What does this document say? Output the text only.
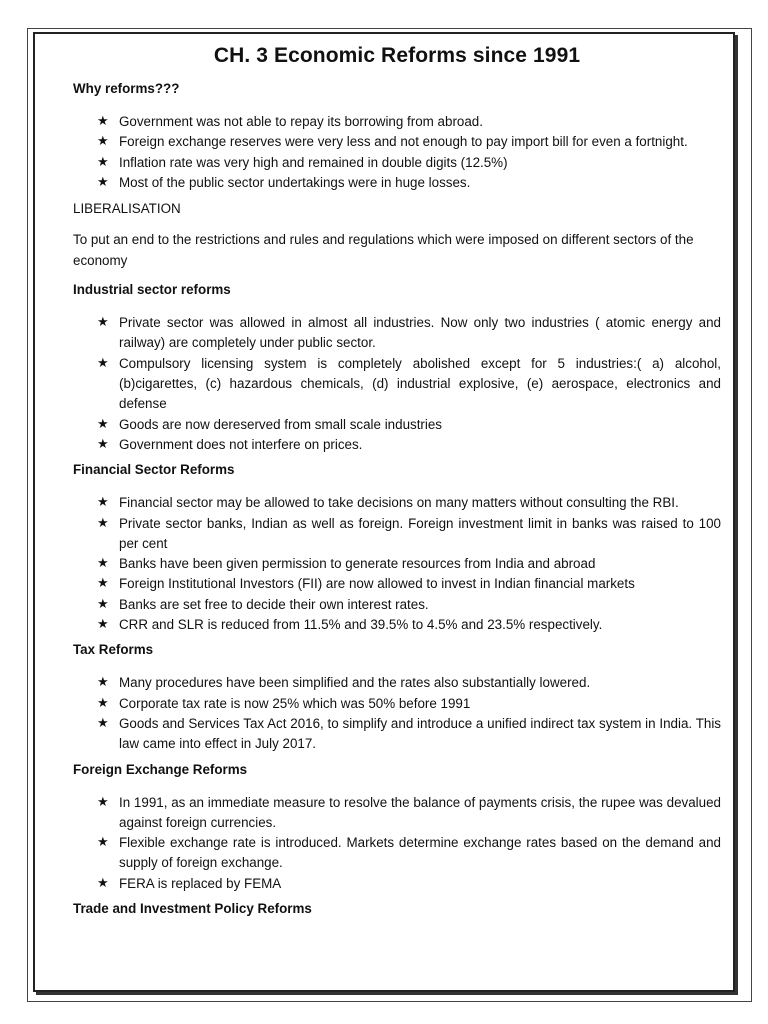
CH. 3 Economic Reforms since 1991

Why reforms???

★ Government was not able to repay its borrowing from abroad.
★ Foreign exchange reserves were very less and not enough to pay import bill for even a fortnight.
★ Inflation rate was very high and remained in double digits (12.5%)
★ Most of the public sector undertakings were in huge losses.

LIBERALISATION

To put an end to the restrictions and rules and regulations which were imposed on different sectors of the economy

Industrial sector reforms

★ Private sector was allowed in almost all industries. Now only two industries ( atomic energy and railway) are completely under public sector.
★ Compulsory licensing system is completely abolished except for 5 industries:( a) alcohol, (b)cigarettes, (c) hazardous chemicals, (d) industrial explosive, (e) aerospace, electronics and defense
★ Goods are now dereserved from small scale industries
★ Government does not interfere on prices.

Financial Sector Reforms

★ Financial sector may be allowed to take decisions on many matters without consulting the RBI.
★ Private sector banks, Indian as well as foreign. Foreign investment limit in banks was raised to 100 per cent
★ Banks have been given permission to generate resources from India and abroad
★ Foreign Institutional Investors (FII) are now allowed to invest in Indian financial markets
★ Banks are set free to decide their own interest rates.
★ CRR and SLR is reduced from 11.5% and 39.5% to 4.5% and 23.5% respectively.

Tax Reforms

★ Many procedures have been simplified and the rates also substantially lowered.
★ Corporate tax rate is now 25% which was 50% before 1991
★ Goods and Services Tax Act 2016, to simplify and introduce a unified indirect tax system in India. This law came into effect in July 2017.

Foreign Exchange Reforms

★ In 1991, as an immediate measure to resolve the balance of payments crisis, the rupee was devalued against foreign currencies.
★ Flexible exchange rate is introduced. Markets determine exchange rates based on the demand and supply of foreign exchange.
★ FERA is replaced by FEMA

Trade and Investment Policy Reforms
